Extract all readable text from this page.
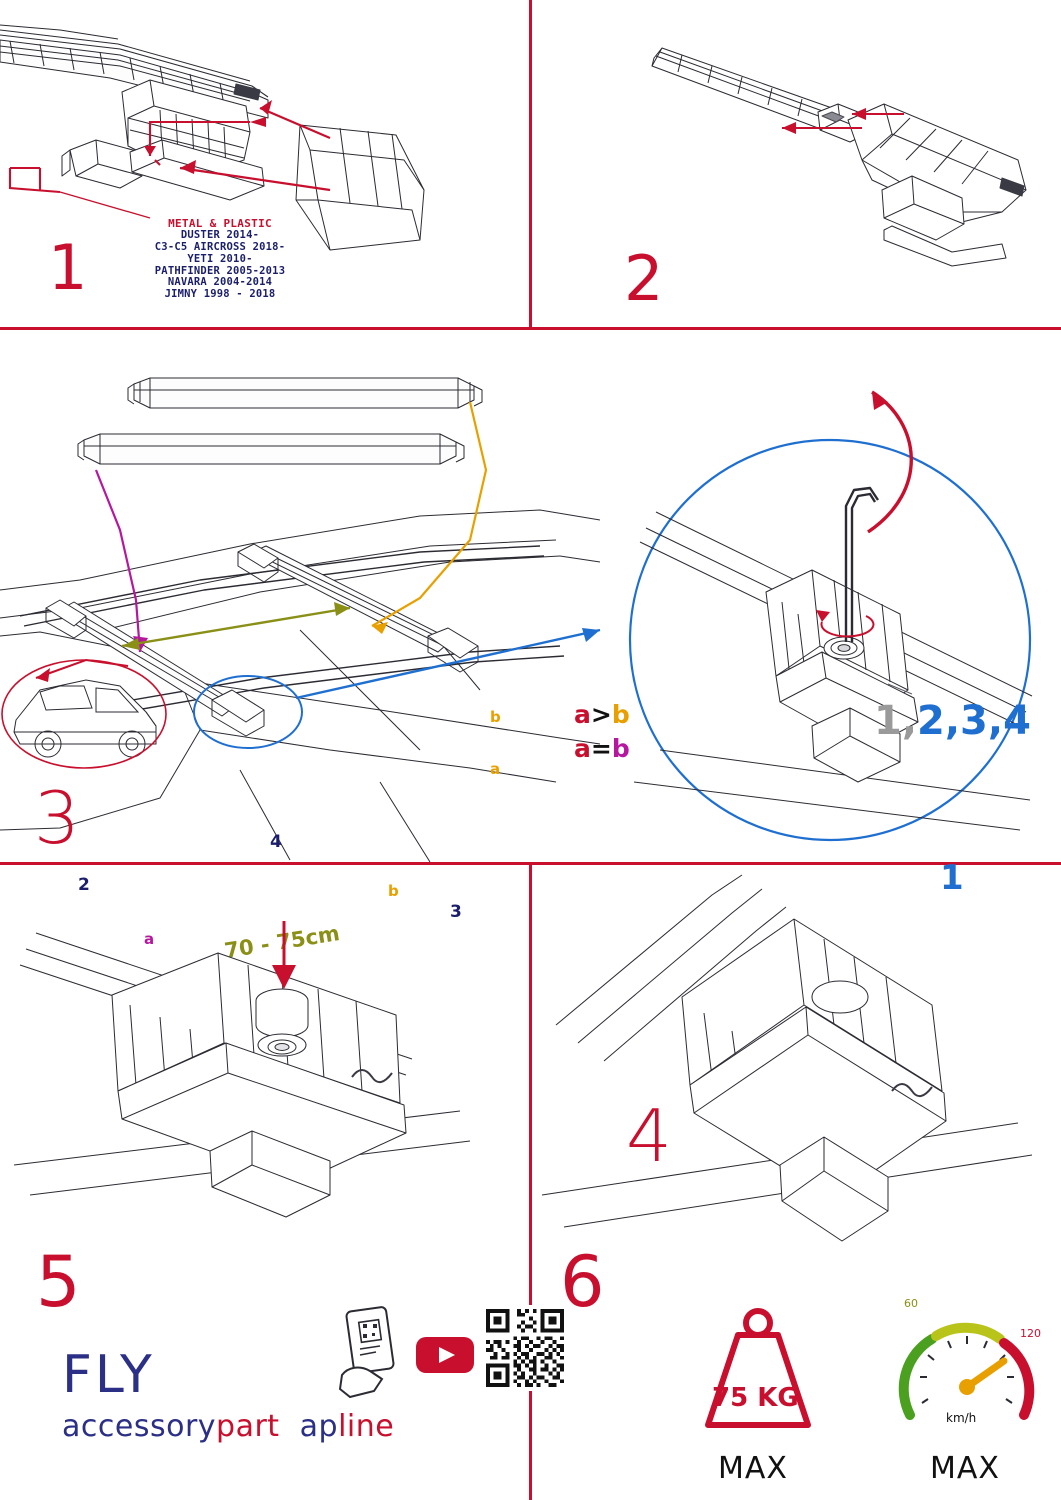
METAL & PLASTIC
DUSTER 2014-
C3-C5 AIRCROSS 2018-
YETI 2010-
PATHFINDER 2005-2013
NAVARA 2004-2014
JIMNY 1998 - 2018
1	2
b
a
a
b
2
4
3
70 - 75cm
a>b
a=b
3
1,2,3,4
1
4
5
FLY
accessorypart apline
6
75 KG
MAX
60
120
km/h
MAX
